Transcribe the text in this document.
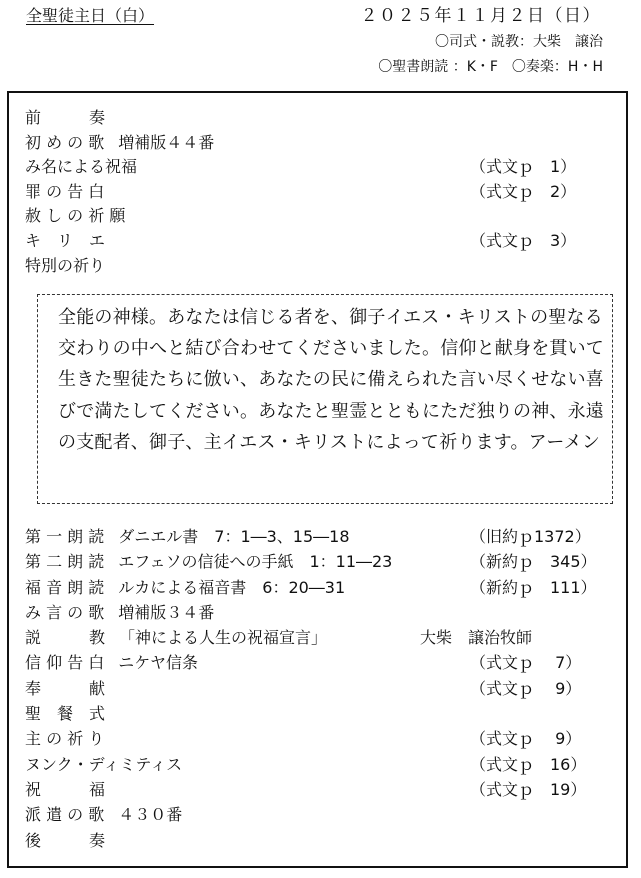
全聖徒主日（白）	２０２５年１１月２日（日）
〇司式・説教：大柴　譲治
〇聖書朗読 ：K・F　〇奏楽：H・H
前　　　奏
初 め の 歌 増補版４４番
み名による祝福	（式文ｐ　1）
罪 の 告 白	（式文ｐ　2）
赦 し の 祈 願
キ　リ　エ	（式文ｐ　3）
特別の祈り

全能の神様。あなたは信じる者を、御子イエス・キリストの聖なる交わりの中へと結び合わせてくださいました。信仰と献身を貫いて生きた聖徒たちに倣い、あなたの民に備えられた言い尽くせない喜びで満たしてください。あなたと聖霊とともにただ独りの神、永遠の支配者、御子、主イエス・キリストによって祈ります。アーメン

第 一 朗 読 ダニエル書　7：1―3、15―18	（旧約ｐ1372）
第 二 朗 読 エフェソの信徒への手紙　1：11―23	（新約ｐ　345）
福 音 朗 読 ルカによる福音書　6：20―31	（新約ｐ　111）
み 言 の 歌 増補版３４番
説　　　教 「神による人生の祝福宣言」	大柴　譲治牧師
信 仰 告 白 ニケヤ信条	（式文ｐ　 7）
奉　　　献	（式文ｐ　 9）
聖　餐　式
主 の 祈 り	（式文ｐ　 9）
ヌンク・ディミティス	（式文ｐ　16）
祝　　　福	（式文ｐ　19）
派 遣 の 歌 ４３０番
後　　　奏
